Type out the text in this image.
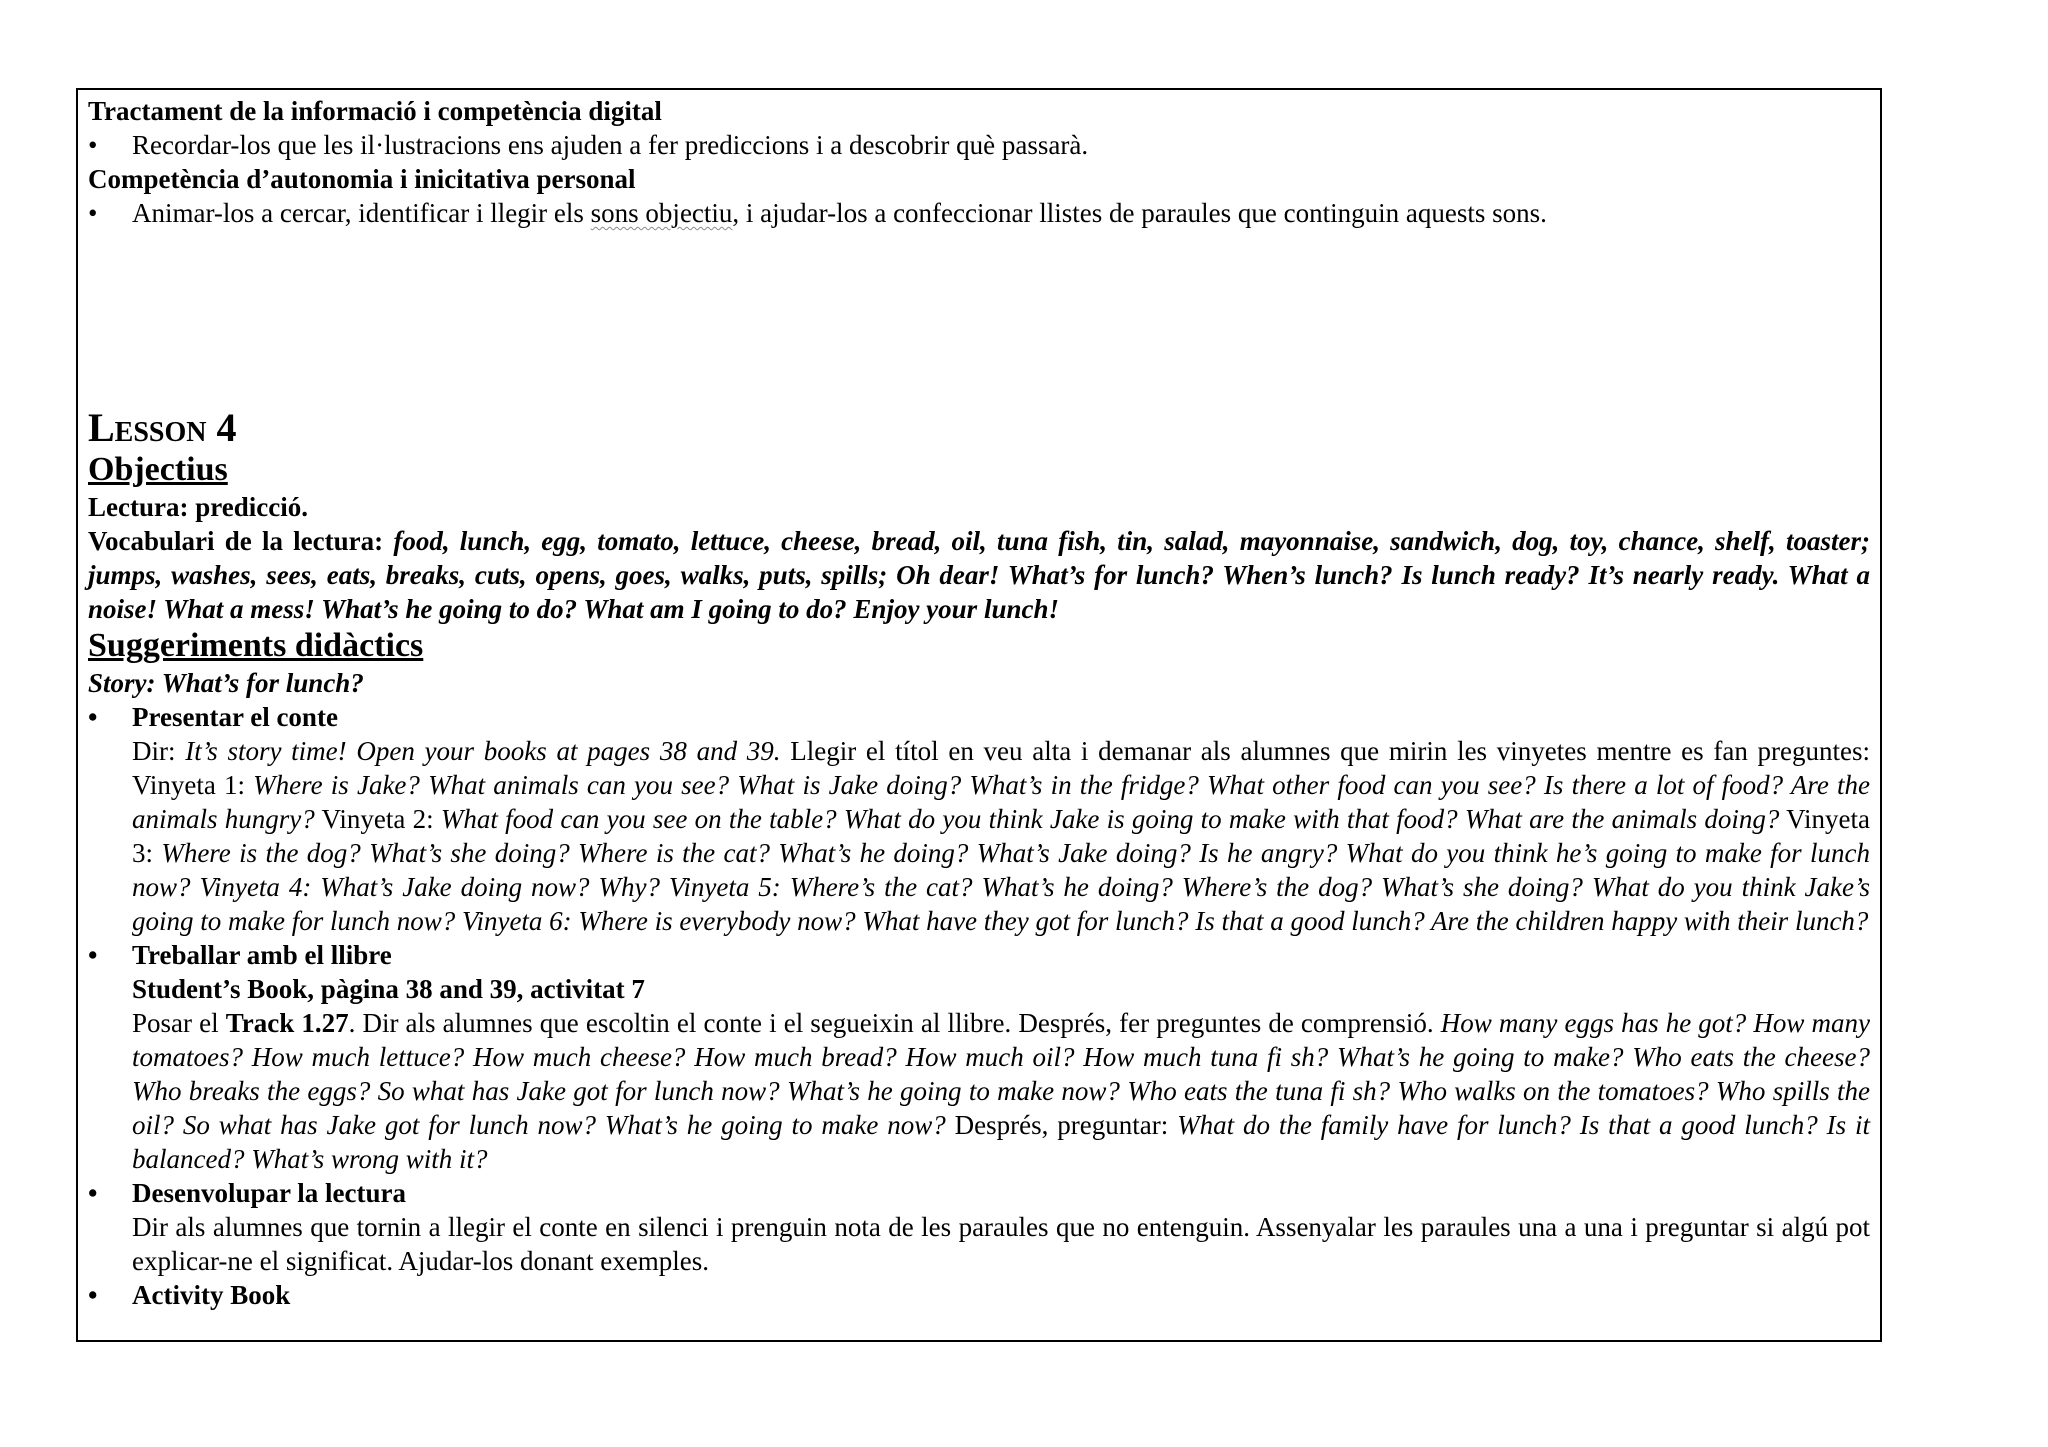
Tractament de la informació i competència digital

•	Recordar-los que les il·lustracions ens ajuden a fer prediccions i a descobrir què passarà.

Competència d’autonomia i inicitativa personal

•	Animar-los a cercar, identificar i llegir els sons objectiu, i ajudar-los a confeccionar llistes de paraules que continguin aquests sons.

Lesson 4

Objectius

Lectura: predicció.

Vocabulari de la lectura: food, lunch, egg, tomato, lettuce, cheese, bread, oil, tuna fish, tin, salad, mayonnaise, sandwich, dog, toy, chance, shelf, toaster; jumps, washes, sees, eats, breaks, cuts, opens, goes, walks, puts, spills; Oh dear! What’s for lunch? When’s lunch? Is lunch ready? It’s nearly ready. What a noise! What a mess! What’s he going to do? What am I going to do? Enjoy your lunch!

Suggeriments didàctics

Story: What’s for lunch?

•	Presentar el conte
Dir: It’s story time! Open your books at pages 38 and 39. Llegir el títol en veu alta i demanar als alumnes que mirin les vinyetes mentre es fan preguntes: Vinyeta 1: Where is Jake? What animals can you see? What is Jake doing? What’s in the fridge? What other food can you see? Is there a lot of food? Are the animals hungry? Vinyeta 2: What food can you see on the table? What do you think Jake is going to make with that food? What are the animals doing? Vinyeta 3: Where is the dog? What’s she doing? Where is the cat? What’s he doing? What’s Jake doing? Is he angry? What do you think he’s going to make for lunch now? Vinyeta 4: What’s Jake doing now? Why? Vinyeta 5: Where’s the cat? What’s he doing? Where’s the dog? What’s she doing? What do you think Jake’s going to make for lunch now? Vinyeta 6: Where is everybody now? What have they got for lunch? Is that a good lunch? Are the children happy with their lunch?
•	Treballar amb el llibre
Student’s Book, pàgina 38 and 39, activitat 7
Posar el Track 1.27. Dir als alumnes que escoltin el conte i el segueixin al llibre. Després, fer preguntes de comprensió. How many eggs has he got? How many tomatoes? How much lettuce? How much cheese? How much bread? How much oil? How much tuna fi sh? What’s he going to make? Who eats the cheese? Who breaks the eggs? So what has Jake got for lunch now? What’s he going to make now? Who eats the tuna fi sh? Who walks on the tomatoes? Who spills the oil? So what has Jake got for lunch now? What’s he going to make now? Després, preguntar: What do the family have for lunch? Is that a good lunch? Is it balanced? What’s wrong with it?
•	Desenvolupar la lectura
Dir als alumnes que tornin a llegir el conte en silenci i prenguin nota de les paraules que no entenguin. Assenyalar les paraules una a una i preguntar si algú pot explicar-ne el significat. Ajudar-los donant exemples.
•	Activity Book
